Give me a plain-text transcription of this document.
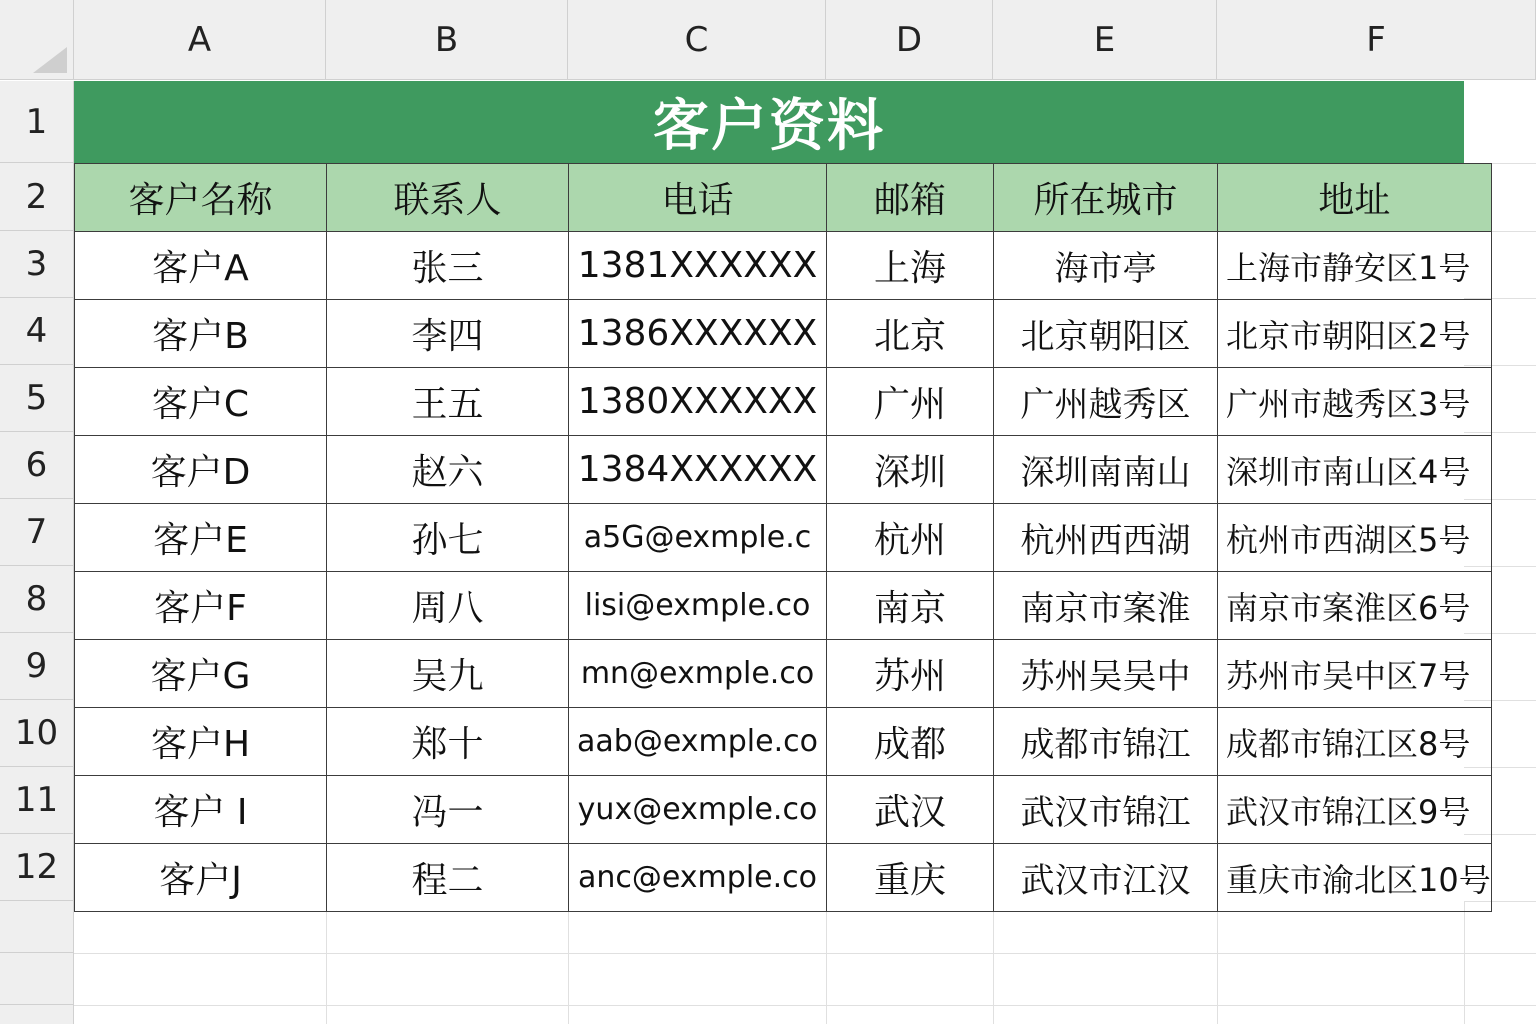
A	B	C	D	E	F
1
2
3
4
5
6
7
8
9
10
11
12
客户资料
客户名称	联系人	电话	邮箱	所在城市	地址
客户A	张三	1381XXXXXX	上海	海市亭	上海市静安区1号
客户B	李四	1386XXXXXX	北京	北京朝阳区	北京市朝阳区2号
客户C	王五	1380XXXXXX	广州	广州越秀区	广州市越秀区3号
客户D	赵六	1384XXXXXX	深圳	深圳南南山	深圳市南山区4号
客户E	孙七	a5G@exmple.c	杭州	杭州西西湖	杭州市西湖区5号
客户F	周八	lisi@exmple.co	南京	南京市案淮	南京市案淮区6号
客户G	吴九	mn@exmple.co	苏州	苏州吴吴中	苏州市吴中区7号
客户H	郑十	aab@exmple.co	成都	成都市锦江	成都市锦江区8号
客户 I	冯一	yux@exmple.co	武汉	武汉市锦江	武汉市锦江区9号
客户J	程二	anc@exmple.co	重庆	武汉市江汉	重庆市渝北区10号
